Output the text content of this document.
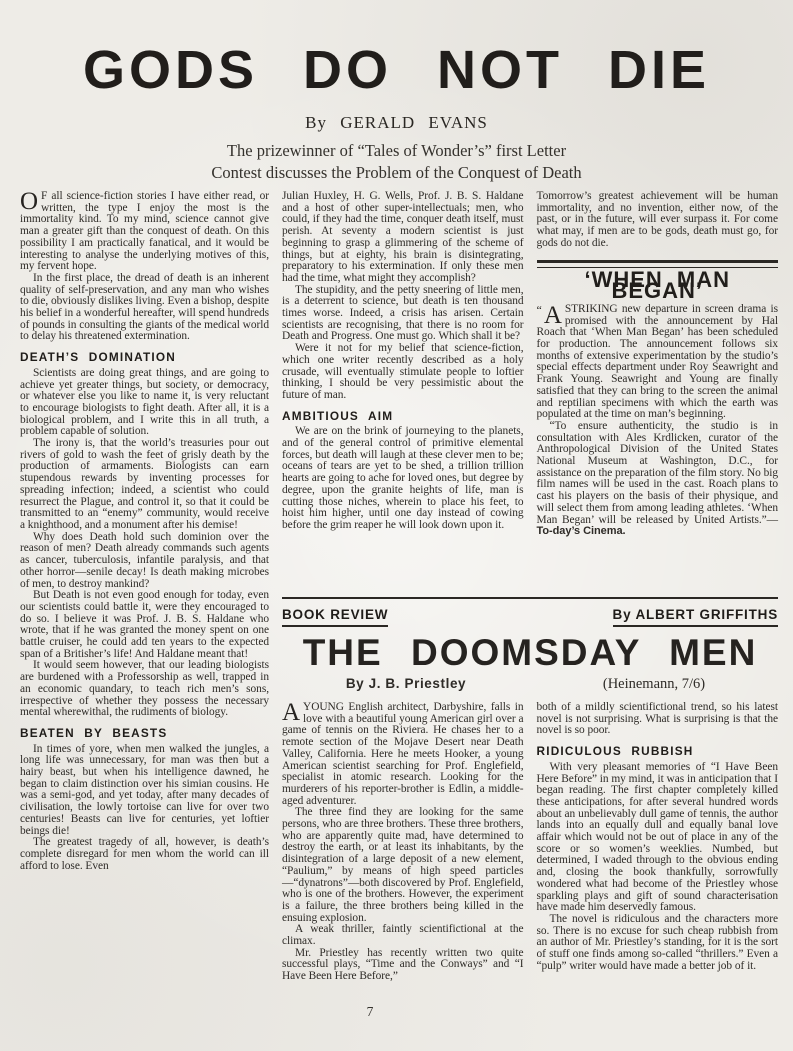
GODS DO NOT DIE
By GERALD EVANS
The prizewinner of “Tales of Wonder’s” first Letter
Contest discusses the Problem of the Conquest of Death

O F all science-fiction stories I have either read, or written, the type I enjoy the most is the immortality kind. To my mind, science cannot give man a greater gift than the conquest of death. On this possibility I am practically fanatical, and it would be interesting to analyse the underlying motives of this, my fervent hope.

In the first place, the dread of death is an inherent quality of self-preservation, and any man who wishes to die, obviously dislikes living. Even a bishop, despite his belief in a wonderful hereafter, will spend hundreds of pounds in consulting the giants of the medical world to delay his threatened extermination.

DEATH’S DOMINATION

Scientists are doing great things, and are going to achieve yet greater things, but society, or democracy, or whatever else you like to name it, is very reluctant to encourage biologists to fight death. After all, it is a biological problem, and I write this in all truth, a problem capable of solution.

The irony is, that the world’s treasuries pour out rivers of gold to wash the feet of grisly death by the production of armaments. Biologists can earn stupendous rewards by inventing processes for spreading infection; indeed, a scientist who could resurrect the Plague, and control it, so that it could be transmitted to an “enemy” community, would receive a knighthood, and a monument after his demise!

Why does Death hold such dominion over the reason of men? Death already commands such agents as cancer, tuberculosis, infantile paralysis, and that other horror—senile decay! Is death making microbes of men, to destroy mankind?

But Death is not even good enough for today, even our scientists could battle it, were they encouraged to do so. I believe it was Prof. J. B. S. Haldane who wrote, that if he was granted the money spent on one battle cruiser, he could add ten years to the expected span of a Britisher’s life! And Haldane meant that!

It would seem however, that our leading biologists are burdened with a Professorship as well, trapped in an economic quandary, to teach rich men’s sons, irrespective of whether they possess the necessary mental wherewithal, the rudiments of biology.

BEATEN BY BEASTS

In times of yore, when men walked the jungles, a long life was unnecessary, for man was then but a hairy beast, but when his intelligence dawned, he began to claim distinction over his simian cousins. He was a semi-god, and yet today, after many decades of civilisation, the lowly tortoise can live for over two centuries! Beasts can live for centuries, yet loftier beings die!

The greatest tragedy of all, however, is death’s complete disregard for men whom the world can ill afford to lose. Even

Julian Huxley, H. G. Wells, Prof. J. B. S. Haldane and a host of other super-intellectuals; men, who could, if they had the time, conquer death itself, must perish. At seventy a modern scientist is just beginning to grasp a glimmering of the scheme of things, but at eighty, his brain is disintegrating, preparatory to his extermination. If only these men had the time, what might they accomplish?

The stupidity, and the petty sneering of little men, is a deterrent to science, but death is ten thousand times worse. Indeed, a crisis has arisen. Certain scientists are recognising, that there is no room for Death and Progress. One must go. Which shall it be?

Were it not for my belief that science-fiction, which one writer recently described as a holy crusade, will eventually stimulate people to loftier thinking, I should be very pessimistic about the future of man.

AMBITIOUS AIM

We are on the brink of journeying to the planets, and of the general control of primitive elemental forces, but death will laugh at these clever men to be; oceans of tears are yet to be shed, a trillion trillion hearts are going to ache for loved ones, but degree by degree, upon the granite heights of life, man is cutting those niches, wherein to place his feet, to hoist him higher, until one day instead of cowing before the grim reaper he will look down upon it.

Tomorrow’s greatest achievement will be human immortality, and no invention, either now, of the past, or in the future, will ever surpass it. For come what may, if men are to be gods, death must go, for gods do not die.

‘WHEN MAN BEGAN’

“A STRIKING new departure in screen drama is promised with the announcement by Hal Roach that ‘When Man Began’ has been scheduled for production. The announcement follows six months of extensive experimentation by the studio’s special effects department under Roy Seawright and Frank Young. Seawright and Young are finally satisfied that they can bring to the screen the animal and reptilian specimens with which the earth was populated at the time on man’s beginning.

“To ensure authenticity, the studio is in consultation with Ales Krdlicken, curator of the Anthropological Division of the United States National Museum at Washington, D.C., for assistance on the preparation of the film story. No big film names will be used in the cast. Roach plans to cast his players on the basis of their physique, and will select them from among leading athletes. ‘When Man Began’ will be released by United Artists.”—To-day’s Cinema.

BOOK REVIEW	By ALBERT GRIFFITHS
THE DOOMSDAY MEN
By J. B. Priestley	(Heinemann, 7/6)

AYOUNG English architect, Darbyshire, falls in love with a beautiful young American girl over a game of tennis on the Riviera. He chases her to a remote section of the Mojave Desert near Death Valley, California. Here he meets Hooker, a young American scientist searching for Prof. Englefield, specialist in atomic research. Looking for the murderers of his reporter-brother is Edlin, a middle-aged adventurer.

The three find they are looking for the same persons, who are three brothers. These three brothers, who are apparently quite mad, have determined to destroy the earth, or at least its inhabitants, by the disintegration of a large deposit of a new element, “Paulium,” by means of high speed particles—“dynatrons”—both discovered by Prof. Englefield, who is one of the brothers. However, the experiment is a failure, the three brothers being killed in the ensuing explosion.

A weak thriller, faintly scientifictional at the climax.

Mr. Priestley has recently written two quite successful plays, “Time and the Conways” and “I Have Been Here Before,”

both of a mildly scientifictional trend, so his latest novel is not surprising. What is surprising is that the novel is so poor.

RIDICULOUS RUBBISH

With very pleasant memories of “I Have Been Here Before” in my mind, it was in anticipation that I began reading. The first chapter completely killed these anticipations, for after several hundred words about an unbelievably dull game of tennis, the author lands into an equally dull and equally banal love affair which would not be out of place in any of the score or so women’s weeklies. Numbed, but determined, I waded through to the obvious ending and, closing the book thankfully, sorrowfully wondered what had become of the Priestley whose sparkling plays and gift of sound characterisation have made him deservedly famous.

The novel is ridiculous and the characters more so. There is no excuse for such cheap rubbish from an author of Mr. Priestley’s standing, for it is the sort of stuff one finds among so-called “thrillers.” Even a “pulp” writer would have made a better job of it.

7
